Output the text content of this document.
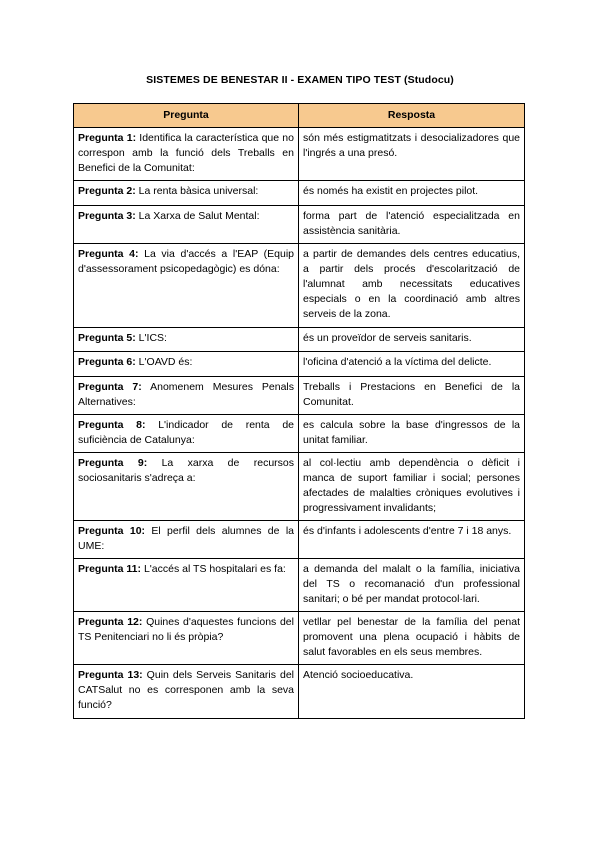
SISTEMES DE BENESTAR II - EXAMEN TIPO TEST (Studocu)
Pregunta	Resposta
Pregunta 1: Identifica la característica que no correspon amb la funció dels Treballs en Benefici de la Comunitat:	són més estigmatitzats i desocializadores que l'ingrés a una presó.
Pregunta 2: La renta bàsica universal:	és només ha existit en projectes pilot.
Pregunta 3: La Xarxa de Salut Mental:	forma part de l'atenció especialitzada en assistència sanitària.
Pregunta 4: La via d'accés a l'EAP (Equip d'assessorament psicopedagògic) es dóna:	a partir de demandes dels centres educatius, a partir dels procés d'escolarització de l'alumnat amb necessitats educatives especials o en la coordinació amb altres serveis de la zona.
Pregunta 5: L'ICS:	és un proveïdor de serveis sanitaris.
Pregunta 6: L'OAVD és:	l'oficina d'atenció a la víctima del delicte.
Pregunta 7: Anomenem Mesures Penals Alternatives:	Treballs i Prestacions en Benefici de la Comunitat.
Pregunta 8: L'indicador de renta de suficiència de Catalunya:	es calcula sobre la base d'ingressos de la unitat familiar.
Pregunta 9: La xarxa de recursos sociosanitaris s'adreça a:	al col·lectiu amb dependència o dèficit i manca de suport familiar i social; persones afectades de malalties cròniques evolutives i progressivament invalidants;
Pregunta 10: El perfil dels alumnes de la UME:	és d'infants i adolescents d'entre 7 i 18 anys.
Pregunta 11: L'accés al TS hospitalari es fa:	a demanda del malalt o la família, iniciativa del TS o recomanació d'un professional sanitari; o bé per mandat protocol·lari.
Pregunta 12: Quines d'aquestes funcions del TS Penitenciari no li és pròpia?	vetllar pel benestar de la família del penat promovent una plena ocupació i hàbits de salut favorables en els seus membres.
Pregunta 13: Quin dels Serveis Sanitaris del CATSalut no es corresponen amb la seva funció?	Atenció socioeducativa.
